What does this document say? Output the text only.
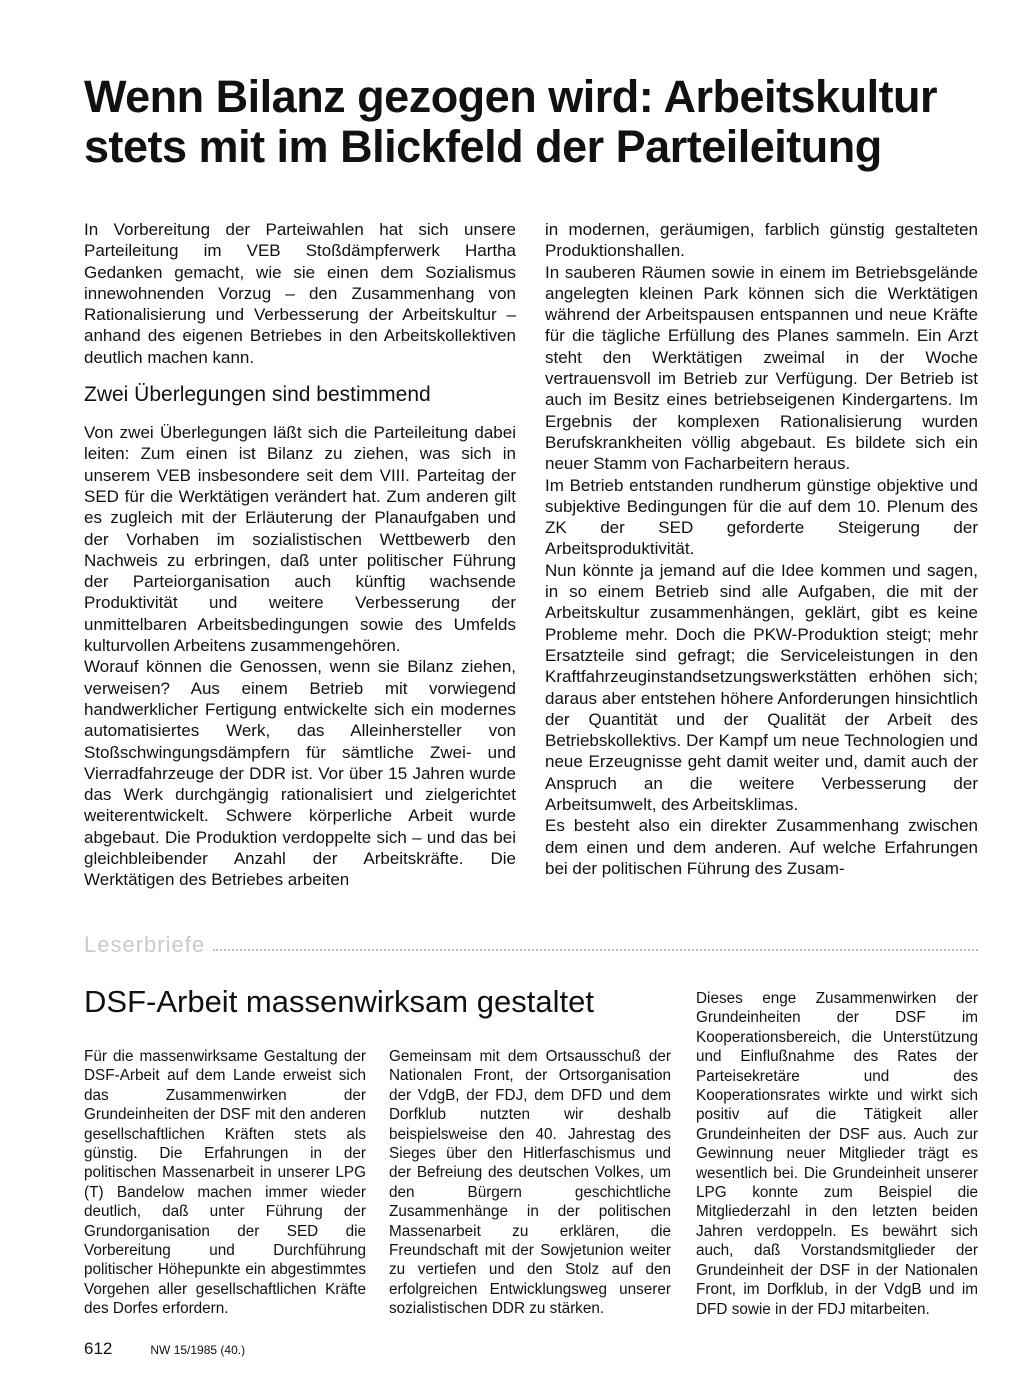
Wenn Bilanz gezogen wird: Arbeitskultur stets mit im Blickfeld der Parteileitung

In Vorbereitung der Parteiwahlen hat sich unsere Parteileitung im VEB Stoßdämpferwerk Hartha Gedanken gemacht, wie sie einen dem Sozialismus innewohnenden Vorzug – den Zusammenhang von Rationalisierung und Verbesserung der Arbeitskultur – anhand des eigenen Betriebes in den Arbeitskollektiven deutlich machen kann.

Zwei Überlegungen sind bestimmend

Von zwei Überlegungen läßt sich die Parteileitung dabei leiten: Zum einen ist Bilanz zu ziehen, was sich in unserem VEB insbesondere seit dem VIII. Parteitag der SED für die Werktätigen verändert hat. Zum anderen gilt es zugleich mit der Erläuterung der Planaufgaben und der Vorhaben im sozialistischen Wettbewerb den Nachweis zu erbringen, daß unter politischer Führung der Parteiorganisation auch künftig wachsende Produktivität und weitere Verbesserung der unmittelbaren Arbeitsbedingungen sowie des Umfelds kulturvollen Arbeitens zusammengehören.

Worauf können die Genossen, wenn sie Bilanz ziehen, verweisen? Aus einem Betrieb mit vorwiegend handwerklicher Fertigung entwickelte sich ein modernes automatisiertes Werk, das Alleinhersteller von Stoßschwingungsdämpfern für sämtliche Zwei- und Vierradfahrzeuge der DDR ist. Vor über 15 Jahren wurde das Werk durchgängig rationalisiert und zielgerichtet weiterentwickelt. Schwere körperliche Arbeit wurde abgebaut. Die Produktion verdoppelte sich – und das bei gleichbleibender Anzahl der Arbeitskräfte. Die Werktätigen des Betriebes arbeiten

in modernen, geräumigen, farblich günstig gestalteten Produktionshallen.

In sauberen Räumen sowie in einem im Betriebsgelände angelegten kleinen Park können sich die Werktätigen während der Arbeitspausen entspannen und neue Kräfte für die tägliche Erfüllung des Planes sammeln. Ein Arzt steht den Werktätigen zweimal in der Woche vertrauensvoll im Betrieb zur Verfügung. Der Betrieb ist auch im Besitz eines betriebseigenen Kindergartens. Im Ergebnis der komplexen Rationalisierung wurden Berufskrankheiten völlig abgebaut. Es bildete sich ein neuer Stamm von Facharbeitern heraus.

Im Betrieb entstanden rundherum günstige objektive und subjektive Bedingungen für die auf dem 10. Plenum des ZK der SED geforderte Steigerung der Arbeitsproduktivität.

Nun könnte ja jemand auf die Idee kommen und sagen, in so einem Betrieb sind alle Aufgaben, die mit der Arbeitskultur zusammenhängen, geklärt, gibt es keine Probleme mehr. Doch die PKW-Produktion steigt; mehr Ersatzteile sind gefragt; die Serviceleistungen in den Kraftfahrzeuginstandsetzungswerkstätten erhöhen sich; daraus aber entstehen höhere Anforderungen hinsichtlich der Quantität und der Qualität der Arbeit des Betriebskollektivs. Der Kampf um neue Technologien und neue Erzeugnisse geht damit weiter und, damit auch der Anspruch an die weitere Verbesserung der Arbeitsumwelt, des Arbeitsklimas.

Es besteht also ein direkter Zusammenhang zwischen dem einen und dem anderen. Auf welche Erfahrungen bei der politischen Führung des Zusam-

Leserbriefe
DSF-Arbeit massenwirksam gestaltet

Für die massenwirksame Gestaltung der DSF-Arbeit auf dem Lande erweist sich das Zusammenwirken der Grundeinheiten der DSF mit den anderen gesellschaftlichen Kräften stets als günstig. Die Erfahrungen in der politischen Massenarbeit in unserer LPG (T) Bandelow machen immer wieder deutlich, daß unter Führung der Grundorganisation der SED die Vorbereitung und Durchführung politischer Höhepunkte ein abgestimmtes Vorgehen aller gesellschaftlichen Kräfte des Dorfes erfordern.

Gemeinsam mit dem Ortsausschuß der Nationalen Front, der Ortsorganisation der VdgB, der FDJ, dem DFD und dem Dorfklub nutzten wir deshalb beispielsweise den 40. Jahrestag des Sieges über den Hitlerfaschismus und der Befreiung des deutschen Volkes, um den Bürgern geschichtliche Zusammenhänge in der politischen Massenarbeit zu erklären, die Freundschaft mit der Sowjetunion weiter zu vertiefen und den Stolz auf den erfolgreichen Entwicklungsweg unserer sozialistischen DDR zu stärken.

Dieses enge Zusammenwirken der Grundeinheiten der DSF im Kooperationsbereich, die Unterstützung und Einflußnahme des Rates der Parteisekretäre und des Kooperationsrates wirkte und wirkt sich positiv auf die Tätigkeit aller Grundeinheiten der DSF aus. Auch zur Gewinnung neuer Mitglieder trägt es wesentlich bei. Die Grundeinheit unserer LPG konnte zum Beispiel die Mitgliederzahl in den letzten beiden Jahren verdoppeln. Es bewährt sich auch, daß Vorstandsmitglieder der Grundeinheit der DSF in der Nationalen Front, im Dorfklub, in der VdgB und im DFD sowie in der FDJ mitarbeiten.

612	NW 15/1985 (40.)
